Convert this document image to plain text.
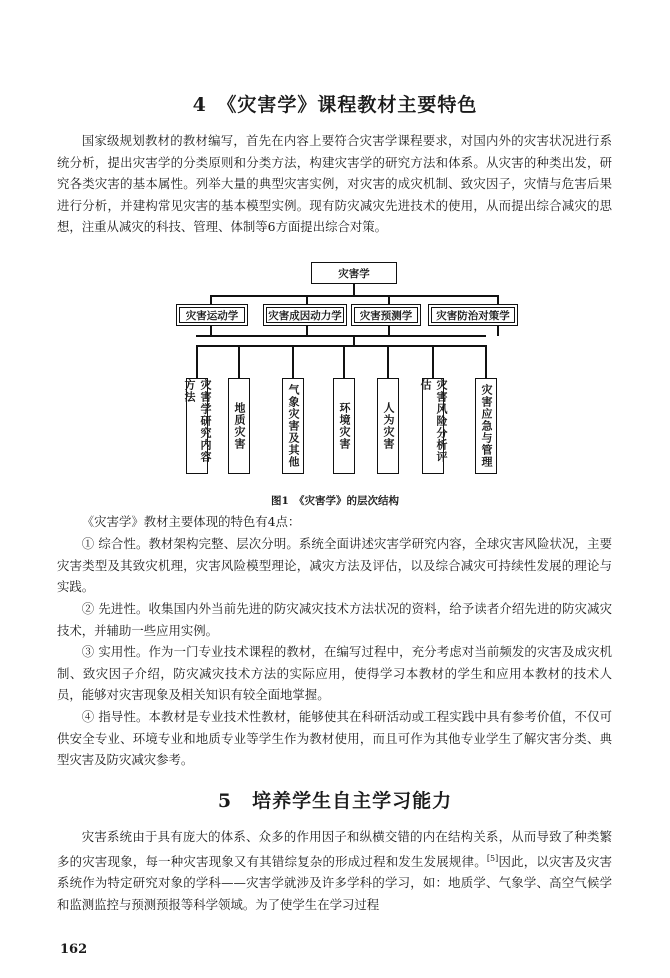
4　《灾害学》课程教材主要特色

国家级规划教材的教材编写，首先在内容上要符合灾害学课程要求，对国内外的灾害状况进行系统分析，提出灾害学的分类原则和分类方法，构建灾害学的研究方法和体系。从灾害的种类出发，研究各类灾害的基本属性。列举大量的典型灾害实例，对灾害的成灾机制、致灾因子，灾情与危害后果进行分析，并建构常见灾害的基本模型实例。现有防灾减灾先进技术的使用，从而提出综合减灾的思想，注重从减灾的科技、管理、体制等6方面提出综合对策。

灾害学
灾害运动学	灾害成因动力学	灾害预测学	灾害防治对策学
灾害学研究内容方法
地质灾害	气象灾害及其他	环境灾害	人为灾害	灾害风险分析评估	灾害应急与管理
图1　《灾害学》的层次结构

《灾害学》教材主要体现的特色有4点：

① 综合性。教材架构完整、层次分明。系统全面讲述灾害学研究内容，全球灾害风险状况，主要灾害类型及其致灾机理，灾害风险模型理论，减灾方法及评估，以及综合减灾可持续性发展的理论与实践。

② 先进性。收集国内外当前先进的防灾减灾技术方法状况的资料，给予读者介绍先进的防灾减灾技术，并辅助一些应用实例。

③ 实用性。作为一门专业技术课程的教材，在编写过程中，充分考虑对当前频发的灾害及成灾机制、致灾因子介绍，防灾减灾技术方法的实际应用，使得学习本教材的学生和应用本教材的技术人员，能够对灾害现象及相关知识有较全面地掌握。

④ 指导性。本教材是专业技术性教材，能够使其在科研活动或工程实践中具有参考价值，不仅可供安全专业、环境专业和地质专业等学生作为教材使用，而且可作为其他专业学生了解灾害分类、典型灾害及防灾减灾参考。

5　培养学生自主学习能力

灾害系统由于具有庞大的体系、众多的作用因子和纵横交错的内在结构关系，从而导致了种类繁多的灾害现象，每一种灾害现象又有其错综复杂的形成过程和发生发展规律。[5]因此，以灾害及灾害系统作为特定研究对象的学科——灾害学就涉及许多学科的学习，如：地质学、气象学、高空气候学和监测监控与预测预报等科学领域。为了使学生在学习过程

162
